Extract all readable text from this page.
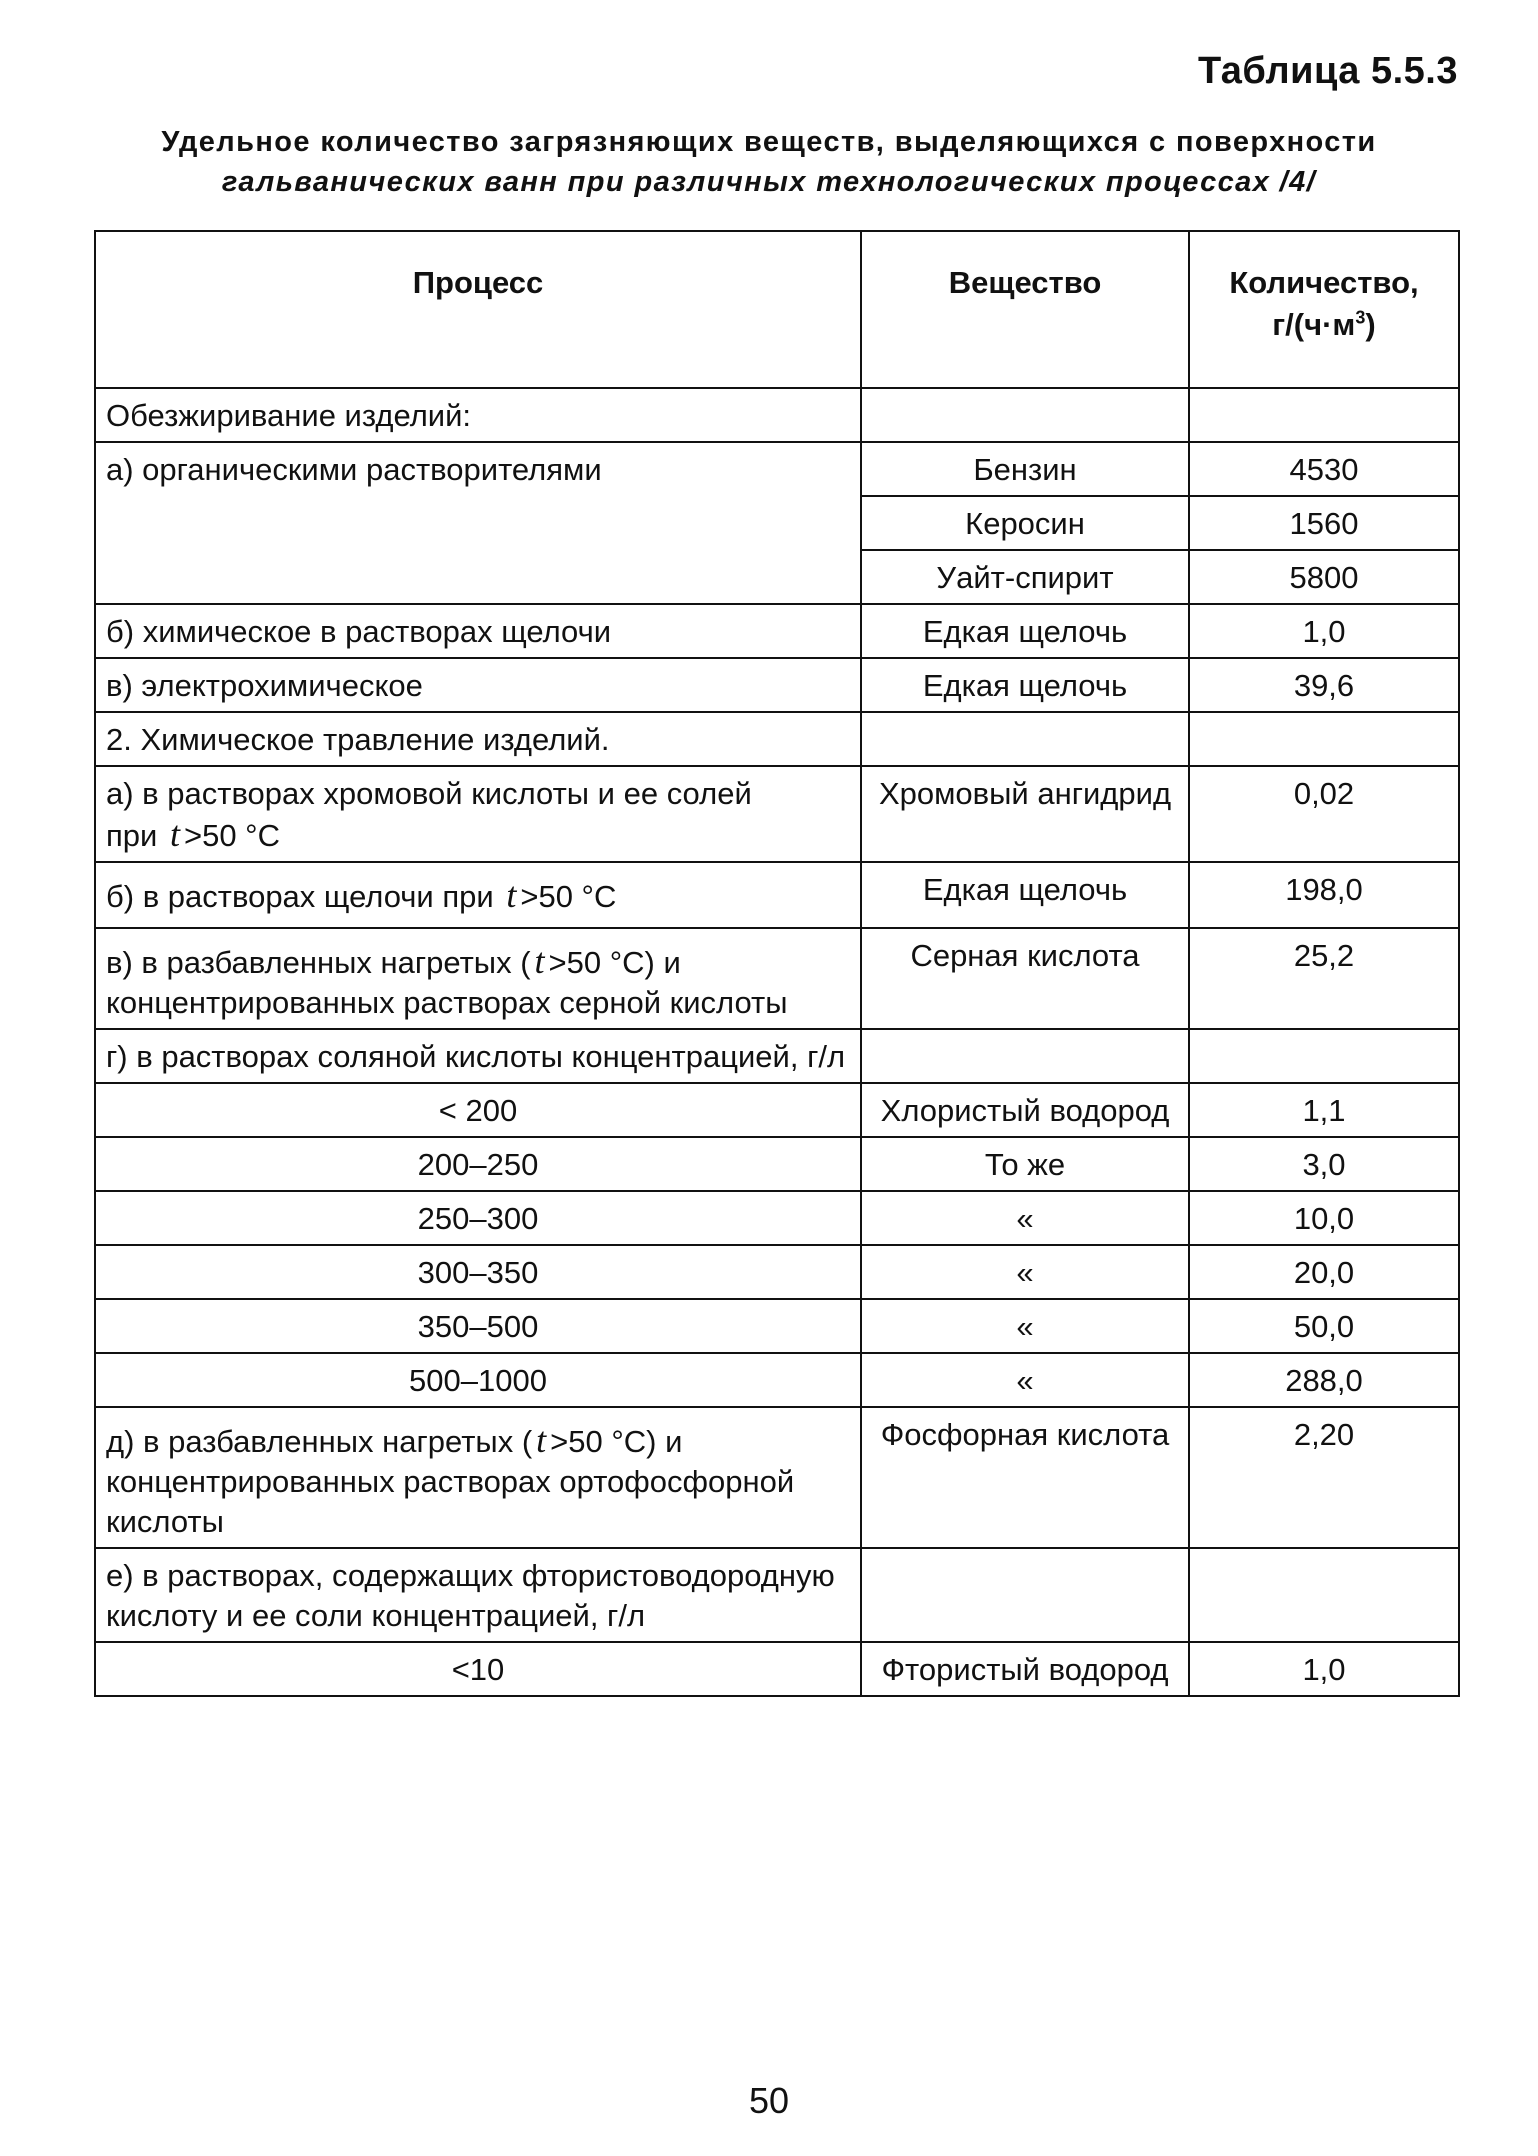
Таблица 5.5.3
Удельное количество загрязняющих веществ, выделяющихся с поверхности
гальванических ванн при различных технологических процессах /4/
Процесс	Вещество	Количество,
$г/(ч\cdot м^3)$
Обезжиривание изделий:		
а) органическими растворителями	Бензин	4530
	Керосин	1560
	Уайт-спирит	5800
б) химическое в растворах щелочи	Едкая щелочь	1,0
в) электрохимическое	Едкая щелочь	39,6
2. Химическое травление изделий.		
а) в растворах хромовой кислоты и ее солей
при t >50 °С	Хромовый ангидрид	0,02
б) в растворах щелочи при t >50 °С	Едкая щелочь	198,0
в) в разбавленных нагретых ( t >50 °С) и концентрированных растворах серной кислоты	Серная кислота	25,2
г) в растворах соляной кислоты концентрацией, г/л		
< 200	Хлористый водород	1,1
200–250	То же	3,0
250–300	«	10,0
300–350	«	20,0
350–500	«	50,0
500–1000	«	288,0
д) в разбавленных нагретых ( t >50 °С) и концентрированных растворах ортофосфорной кислоты	Фосфорная кислота	2,20
е) в растворах, содержащих фтористоводородную кислоту и ее соли концентрацией, г/л		
<10	Фтористый водород	1,0
50
